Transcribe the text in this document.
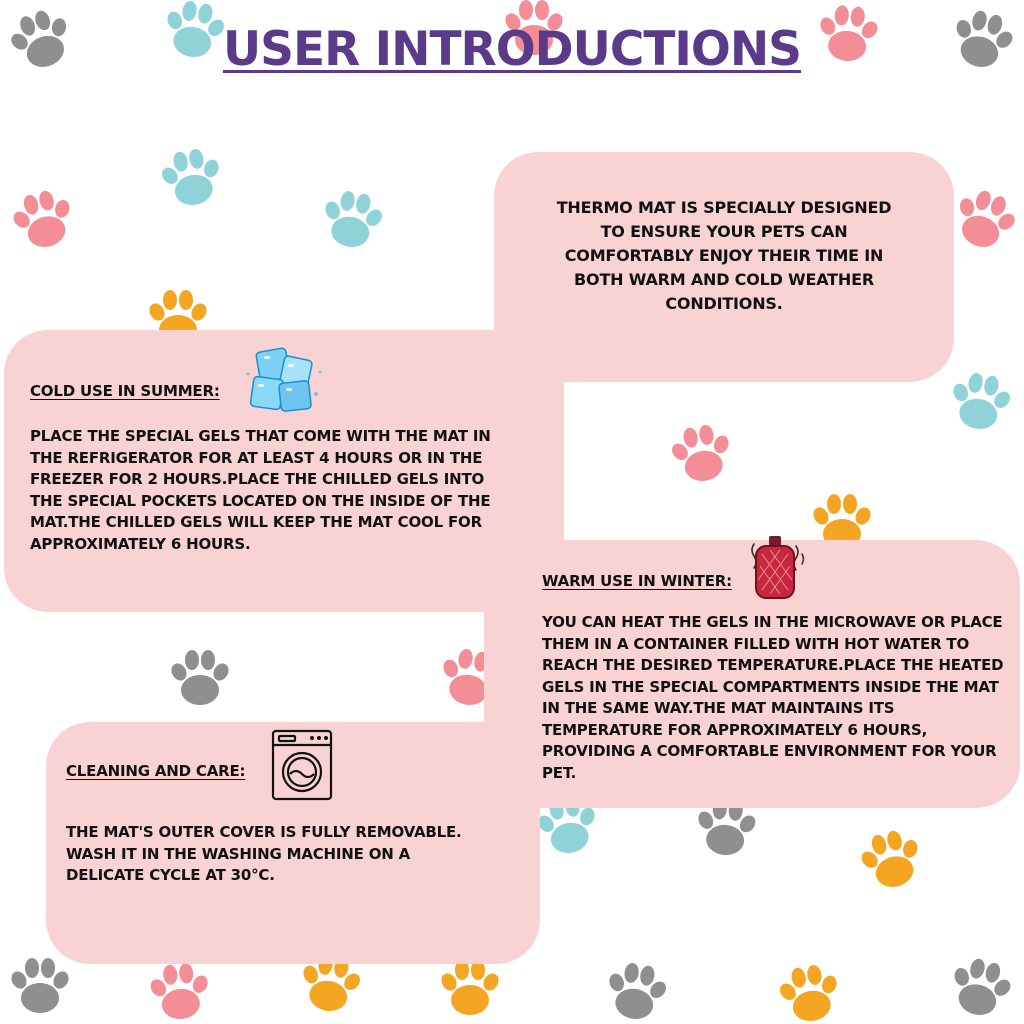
USER INTRODUCTIONS

THERMO MAT IS SPECIALLY DESIGNED TO ENSURE YOUR PETS CAN COMFORTABLY ENJOY THEIR TIME IN BOTH WARM AND COLD WEATHER CONDITIONS.

COLD USE IN SUMMER:

PLACE THE SPECIAL GELS THAT COME WITH THE MAT IN THE REFRIGERATOR FOR AT LEAST 4 HOURS OR IN THE FREEZER FOR 2 HOURS.PLACE THE CHILLED GELS INTO THE SPECIAL POCKETS LOCATED ON THE INSIDE OF THE MAT.THE CHILLED GELS WILL KEEP THE MAT COOL FOR APPROXIMATELY 6 HOURS.

WARM USE IN WINTER:

YOU CAN HEAT THE GELS IN THE MICROWAVE OR PLACE THEM IN A CONTAINER FILLED WITH HOT WATER TO REACH THE DESIRED TEMPERATURE.PLACE THE HEATED GELS IN THE SPECIAL COMPARTMENTS INSIDE THE MAT IN THE SAME WAY.THE MAT MAINTAINS ITS TEMPERATURE FOR APPROXIMATELY 6 HOURS, PROVIDING A COMFORTABLE ENVIRONMENT FOR YOUR PET.

CLEANING AND CARE:

THE MAT'S OUTER COVER IS FULLY REMOVABLE. WASH IT IN THE WASHING MACHINE ON A DELICATE CYCLE AT 30°C.
